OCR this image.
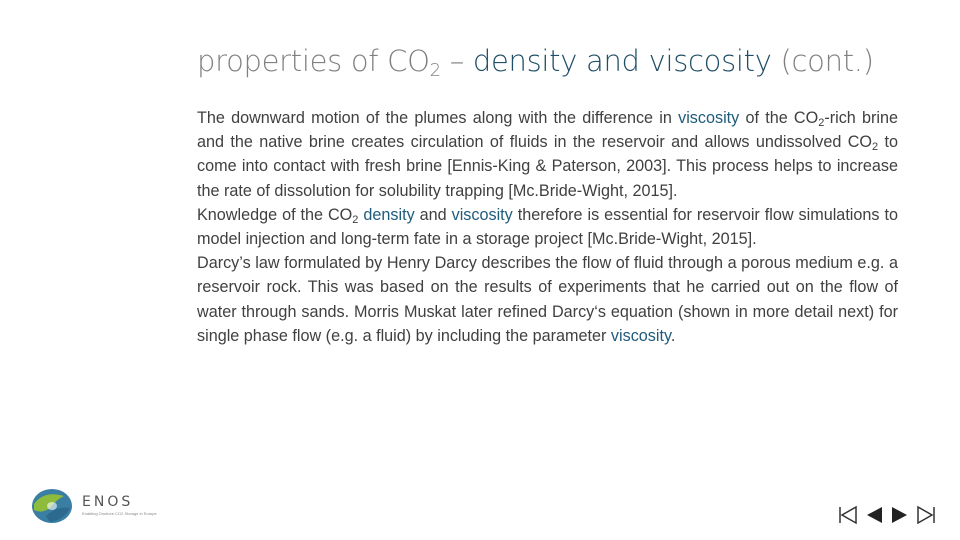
properties of $CO_2$ – density and viscosity (cont.)

The downward motion of the plumes along with the difference in viscosity of the $CO_2$-rich brine and the native brine creates circulation of fluids in the reservoir and allows undissolved $CO_2$ to come into contact with fresh brine [Ennis-King & Paterson, 2003]. This process helps to increase the rate of dissolution for solubility trapping [Mc.Bride-Wight, 2015].

Knowledge of the $CO_2$ density and viscosity therefore is essential for reservoir flow simulations to model injection and long-term fate in a storage project [Mc.Bride-Wight, 2015].

Darcy’s law formulated by Henry Darcy describes the flow of fluid through a porous medium e.g. a reservoir rock. This was based on the results of experiments that he carried out on the flow of water through sands. Morris Muskat later refined Darcy‘s equation (shown in more detail next) for single phase flow (e.g. a fluid) by including the parameter viscosity.

ENOS
Enabling Onshore CO2 Storage in Europe
